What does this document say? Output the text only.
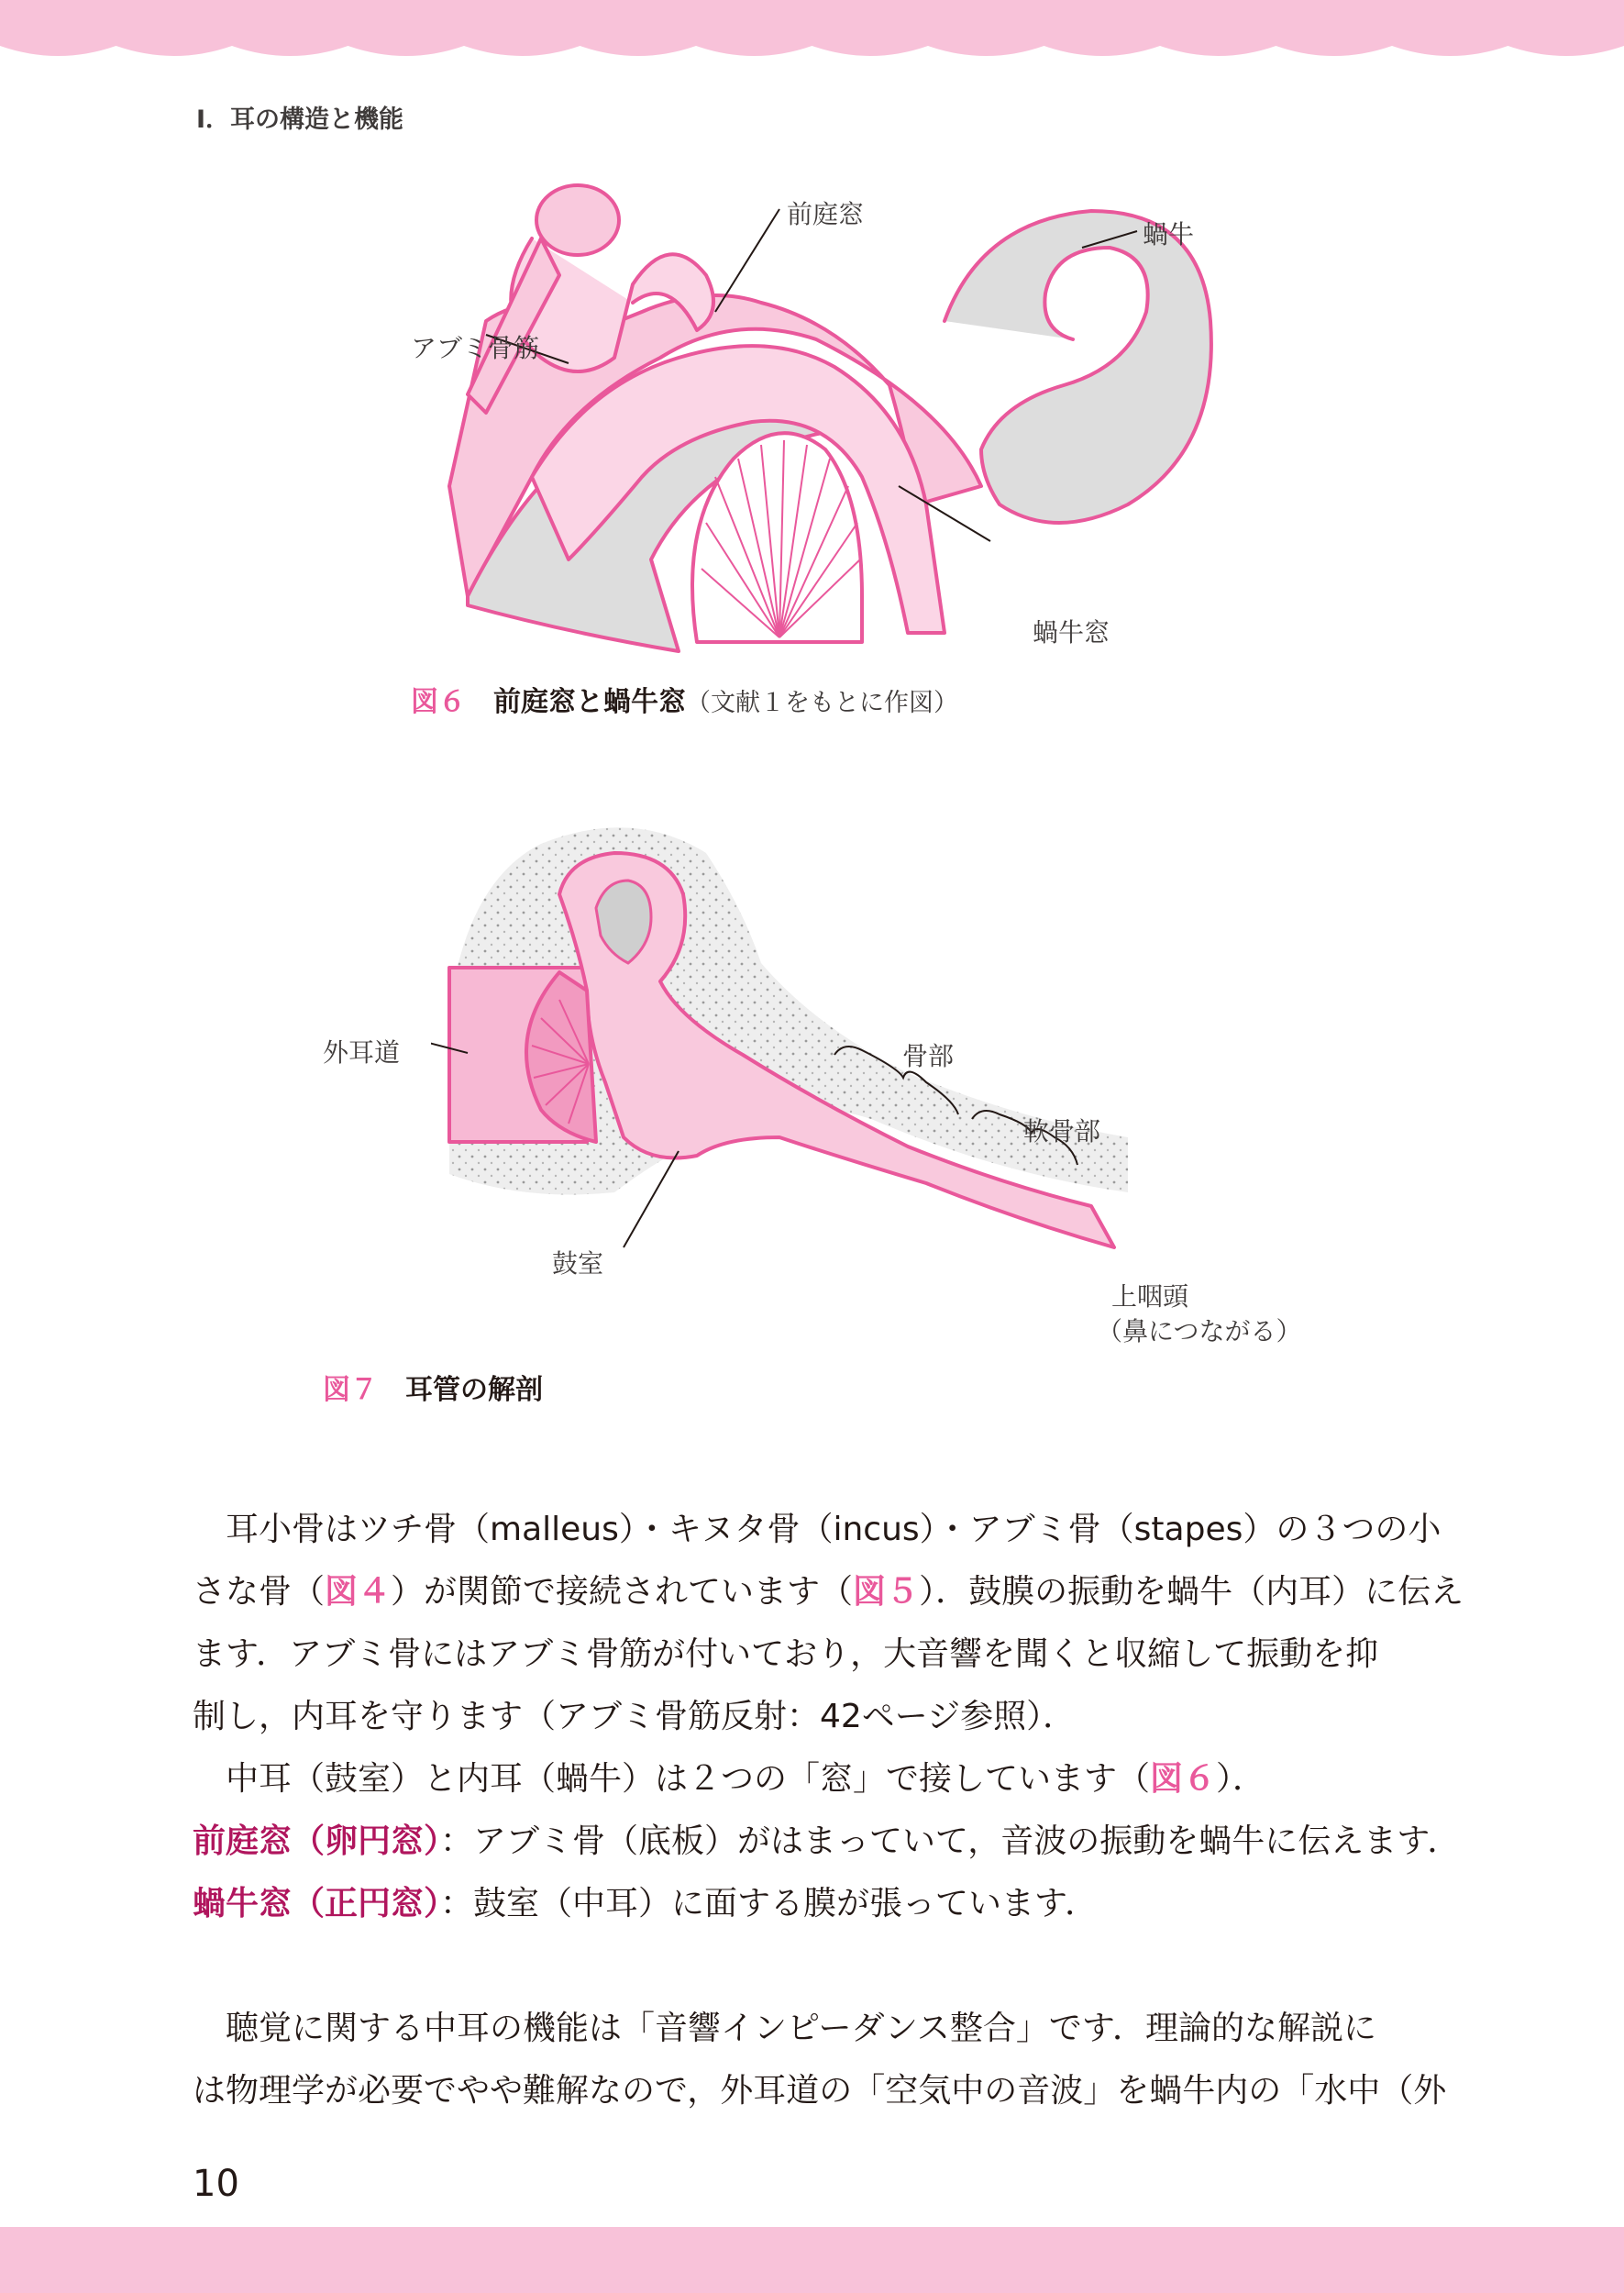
I．耳の構造と機能
前庭窓
蝸牛
アブミ骨筋
蝸牛窓
図６ 前庭窓と蝸牛窓（文献１をもとに作図）
外耳道	骨部
軟骨部
鼓室
上咽頭
（鼻につながる）
図７ 耳管の解剖

耳小骨はツチ骨（malleus）・キヌタ骨（incus）・アブミ骨（stapes）の３つの小

さな骨（図４）が関節で接続されています（図５）．鼓膜の振動を蝸牛（内耳）に伝え

ます．アブミ骨にはアブミ骨筋が付いており，大音響を聞くと収縮して振動を抑

制し，内耳を守ります（アブミ骨筋反射：42ページ参照）．

中耳（鼓室）と内耳（蝸牛）は２つの「窓」で接しています（図６）．

前庭窓（卵円窓）：アブミ骨（底板）がはまっていて，音波の振動を蝸牛に伝えます．

蝸牛窓（正円窓）：鼓室（中耳）に面する膜が張っています．

聴覚に関する中耳の機能は「音響インピーダンス整合」です．理論的な解説に

は物理学が必要でやや難解なので，外耳道の「空気中の音波」を蝸牛内の「水中（外

10
